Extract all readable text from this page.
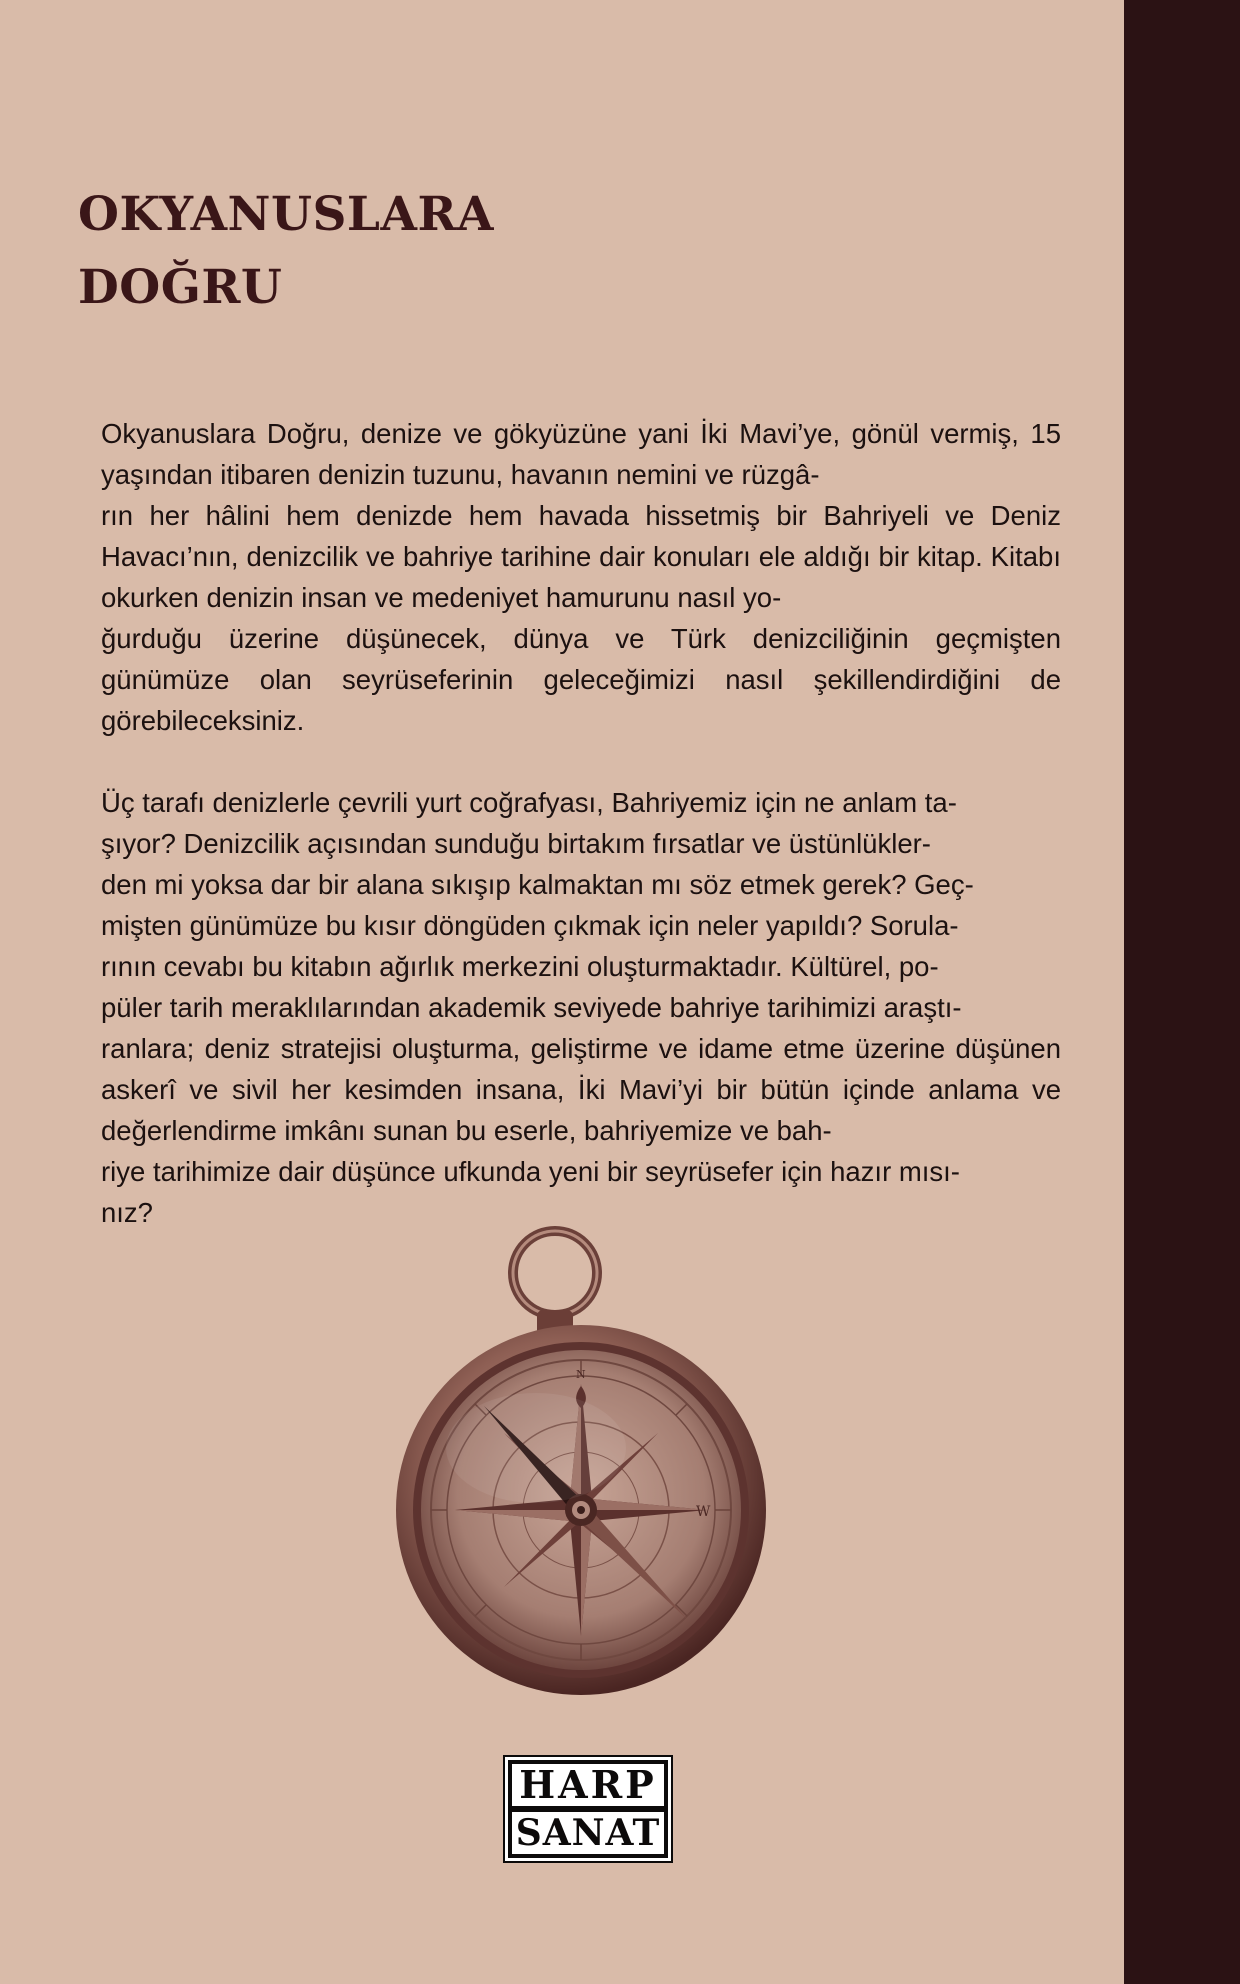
OKYANUSLARA
DOĞRU

Okyanuslara Doğru, denize ve gökyüzüne yani İki Mavi’ye, gönül vermiş, 15 yaşından itibaren denizin tuzunu, havanın nemini ve rüzgâ-
rın her hâlini hem denizde hem havada hissetmiş bir Bahriyeli ve Deniz Havacı’nın, denizcilik ve bahriye tarihine dair konuları ele aldığı bir kitap. Kitabı okurken denizin insan ve medeniyet hamurunu nasıl yo-
ğurduğu üzerine düşünecek, dünya ve Türk denizciliğinin geçmişten günümüze olan seyrüseferinin geleceğimizi nasıl şekillendirdiğini de görebileceksiniz.

Üç tarafı denizlerle çevrili yurt coğrafyası, Bahriyemiz için ne anlam ta-
şıyor? Denizcilik açısından sunduğu birtakım fırsatlar ve üstünlükler-
den mi yoksa dar bir alana sıkışıp kalmaktan mı söz etmek gerek? Geç-
mişten günümüze bu kısır döngüden çıkmak için neler yapıldı? Sorula-
rının cevabı bu kitabın ağırlık merkezini oluşturmaktadır. Kültürel, po-
püler tarih meraklılarından akademik seviyede bahriye tarihimizi araştı-
ranlara; deniz stratejisi oluşturma, geliştirme ve idame etme üzerine düşünen askerî ve sivil her kesimden insana, İki Mavi’yi bir bütün içinde anlama ve değerlendirme imkânı sunan bu eserle, bahriyemize ve bah-
riye tarihimize dair düşünce ufkunda yeni bir seyrüsefer için hazır mısı-
nız?

W
N
HARP
SANAT
